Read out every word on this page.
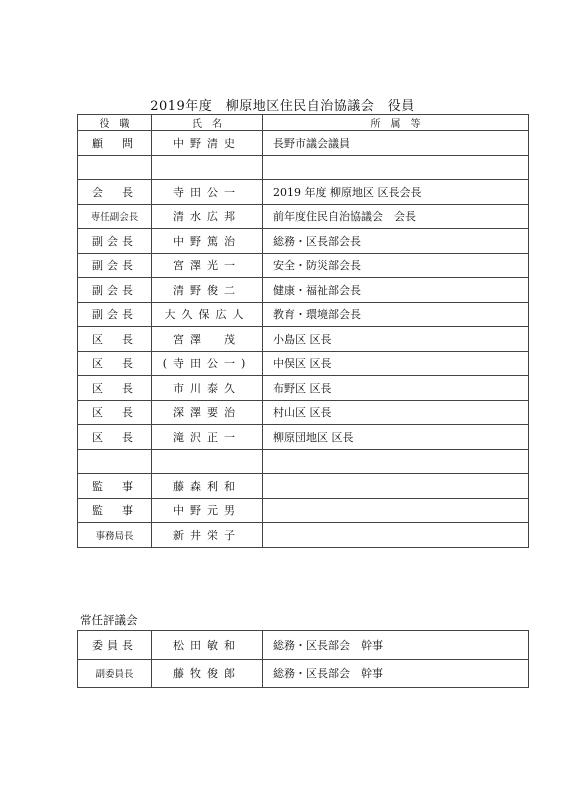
2019年度　柳原地区住民自治協議会　役員
役　職	氏　名	所　属　等
顧　問	中野清史	長野市議会議員

会　長	寺田公一	2019 年度 柳原地区 区長会長
専任副会長	清水広邦	前年度住民自治協議会　会長
副会長	中野篤治	総務・区長部会長
副会長	宮澤光一	安全・防災部会長
副会長	清野俊二	健康・福祉部会長
副会長	大久保広人	教育・環境部会長
区　長	宮澤　茂	小島区 区長
区　長	(寺田公一)	中俣区 区長
区　長	市川泰久	布野区 区長
区　長	深澤要治	村山区 区長
区　長	滝沢正一	柳原団地区 区長

監　事	藤森利和	
監　事	中野元男	
事務局長	新井栄子	
常任評議会
委員長	松田敏和	総務・区長部会　幹事
副委員長	藤牧俊郎	総務・区長部会　幹事
